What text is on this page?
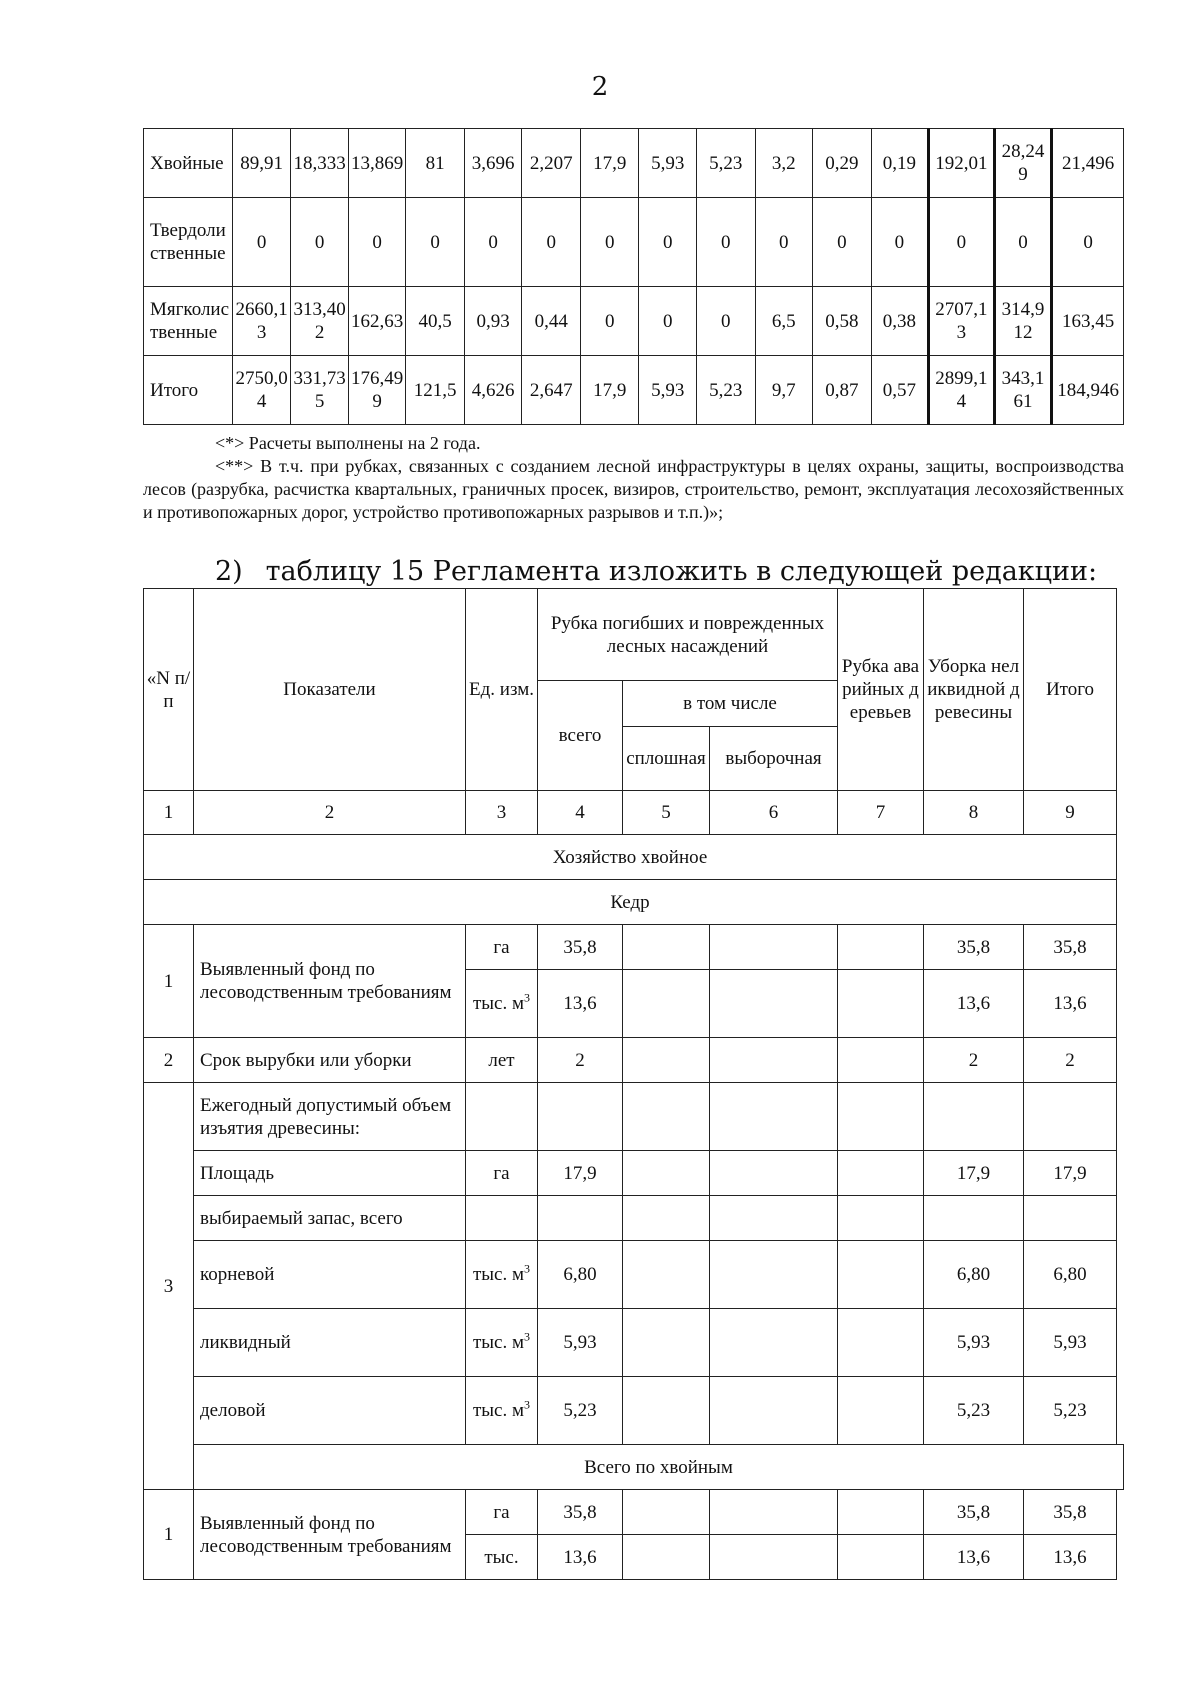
2
Хвойные	89,91	18,333	13,869	81	3,696	2,207	17,9	5,93	5,23	3,2	0,29	0,19	192,01	28,249	21,496
Твердолиственные	0	0	0	0	0	0	0	0	0	0	0	0	0	0	0
Мягколиственные	2660,13	313,402	162,63	40,5	0,93	0,44	0	0	0	6,5	0,58	0,38	2707,13	314,912	163,45
Итого	2750,04	331,735	176,499	121,5	4,626	2,647	17,9	5,93	5,23	9,7	0,87	0,57	2899,14	343,161	184,946

<*> Расчеты выполнены на 2 года.

<**> В т.ч. при рубках, связанных с созданием лесной инфраструктуры в целях охраны, защиты, воспроизводства лесов (разрубка, расчистка квартальных, граничных просек, визиров, строительство, ремонт, эксплуатация лесохозяйственных и противопожарных дорог, устройство противопожарных разрывов и т.п.)»;

2) таблицу 15 Регламента изложить в следующей редакции:
«N п/п	Показатели	Ед. изм.	Рубка погибших и поврежденных лесных насаждений			Рубка аварийных деревьев	Уборка неликвидной древесины	Итого
			всего	в том числе				
				сплошная	выборочная			
1	2	3	4	5	6	7	8	9
Хозяйство хвойное								
Кедр								
1	Выявленный фонд по лесоводственным требованиям	га	35,8				35,8	35,8
		тыс. $м^3$	13,6				13,6	13,6
2	Срок вырубки или уборки	лет	2				2	2
3	Ежегодный допустимый объем изъятия древесины:							
	Площадь	га	17,9				17,9	17,9
	выбираемый запас, всего							
	корневой	тыс. $м^3$	6,80				6,80	6,80
	ликвидный	тыс. $м^3$	5,93				5,93	5,93
	деловой	тыс. $м^3$	5,23				5,23	5,23
	Всего по хвойным							
1	Выявленный фонд по лесоводственным требованиям	га	35,8				35,8	35,8
		тыс.	13,6				13,6	13,6
